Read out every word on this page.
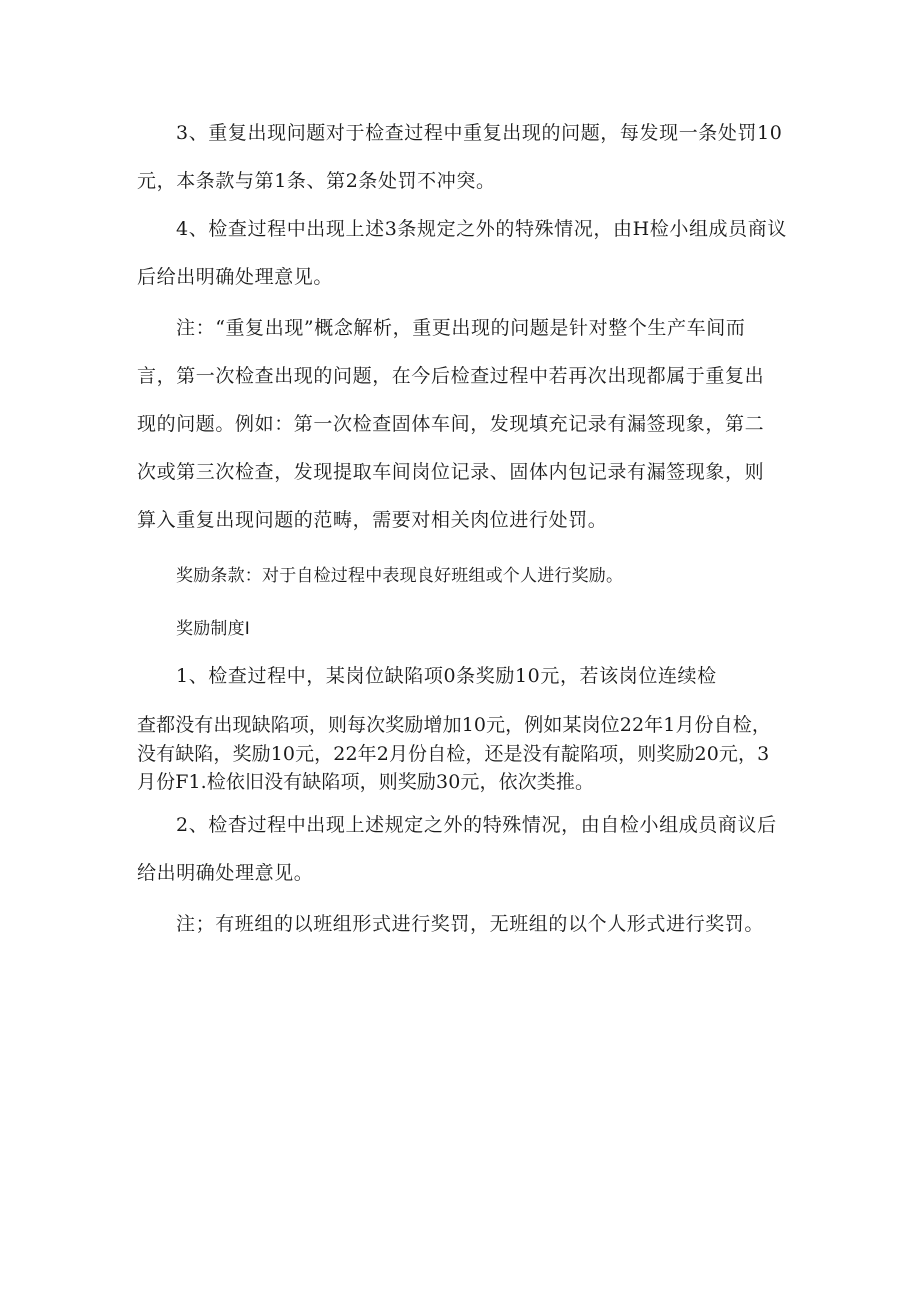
3、重复出现问题对于检查过程中重复出现的问题，每发现一条处罚10
元，本条款与第1条、第2条处罚不冲突。
4、检查过程中出现上述3条规定之外的特殊情况，由H检小组成员商议
后给出明确处理意见。
注：“重复出现”概念解析，重更出现的问题是针对整个生产车间而
言，第一次检查出现的问题，在今后检查过程中若再次出现都属于重复出
现的问题。例如：第一次检查固体车间，发现填充记录有漏签现象，第二
次或第三次检查，发现提取车间岗位记录、固体内包记录有漏签现象，则
算入重复出现问题的范畴，需要对相关肉位进行处罚。
奖励条款：对于自检过程中表现良好班组或个人进行奖励。
奖励制度I
1、检查过程中，某岗位缺陷项0条奖励10元，若该岗位连续检
查都没有出现缺陷项，则每次奖励增加10元，例如某岗位22年1月份自检，
没有缺陷，奖励10元，22年2月份自检，还是没有靛陷项，则奖励20元，3
月份F1.检依旧没有缺陷项，则奖励30元，依次类推。
2、检杳过程中出现上述规定之外的特殊情况，由自检小组成员商议后
给出明确处理意见。
注；有班组的以班组形式进行奖罚，无班组的以个人形式进行奖罚。
